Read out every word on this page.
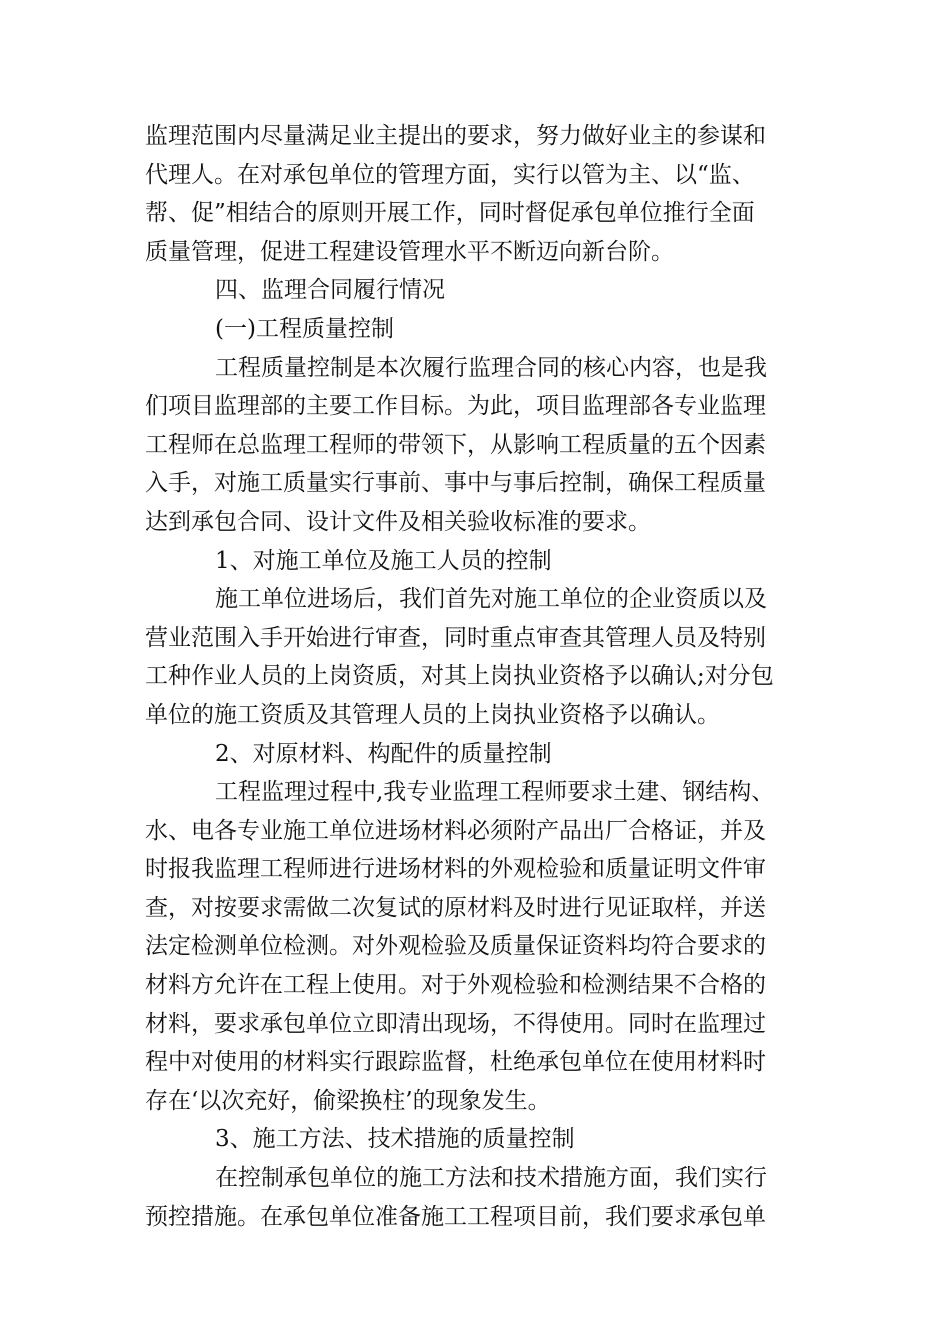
监理范围内尽量满足业主提出的要求，努力做好业主的参谋和
代理人。在对承包单位的管理方面，实行以管为主、以“监、
帮、促”相结合的原则开展工作，同时督促承包单位推行全面
质量管理，促进工程建设管理水平不断迈向新台阶。
四、监理合同履行情况
(一)工程质量控制
工程质量控制是本次履行监理合同的核心内容，也是我
们项目监理部的主要工作目标。为此，项目监理部各专业监理
工程师在总监理工程师的带领下，从影响工程质量的五个因素
入手，对施工质量实行事前、事中与事后控制，确保工程质量
达到承包合同、设计文件及相关验收标准的要求。
1、对施工单位及施工人员的控制
施工单位进场后，我们首先对施工单位的企业资质以及
营业范围入手开始进行审查，同时重点审查其管理人员及特别
工种作业人员的上岗资质，对其上岗执业资格予以确认;对分包
单位的施工资质及其管理人员的上岗执业资格予以确认。
2、对原材料、构配件的质量控制
工程监理过程中,我专业监理工程师要求土建、钢结构、
水、电各专业施工单位进场材料必须附产品出厂合格证，并及
时报我监理工程师进行进场材料的外观检验和质量证明文件审
查，对按要求需做二次复试的原材料及时进行见证取样，并送
法定检测单位检测。对外观检验及质量保证资料均符合要求的
材料方允许在工程上使用。对于外观检验和检测结果不合格的
材料，要求承包单位立即清出现场，不得使用。同时在监理过
程中对使用的材料实行跟踪监督，杜绝承包单位在使用材料时
存在‘以次充好，偷梁换柱’的现象发生。
3、施工方法、技术措施的质量控制
在控制承包单位的施工方法和技术措施方面，我们实行
预控措施。在承包单位准备施工工程项目前，我们要求承包单
